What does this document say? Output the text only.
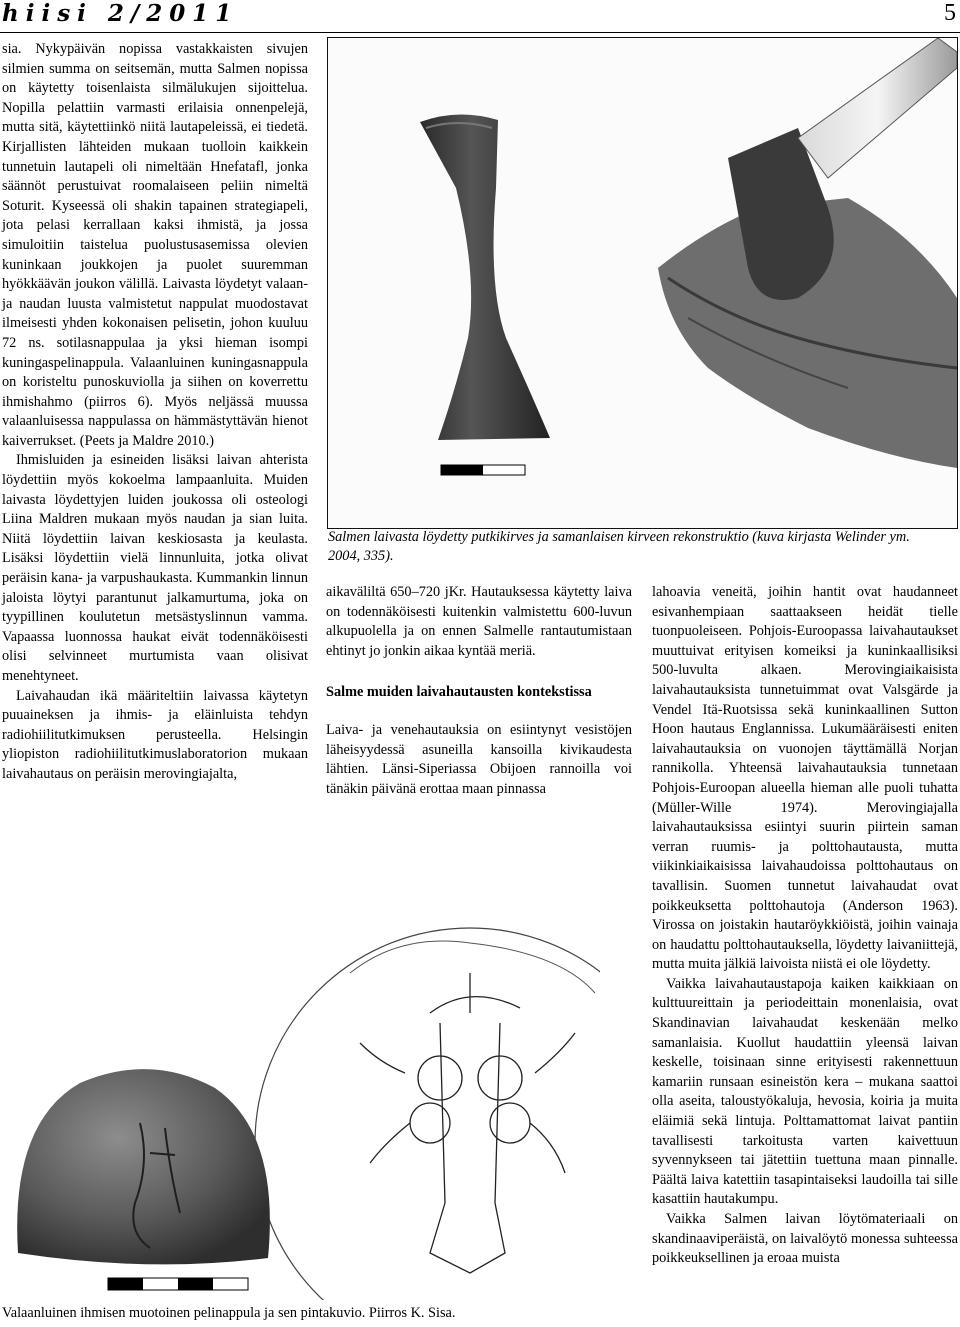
hiisi 2/2011	5

sia. Nykypäivän nopissa vastakkaisten sivujen silmien summa on seitsemän, mutta Salmen nopissa on käytetty toisenlaista silmälukujen sijoittelua. Nopilla pelattiin varmasti erilaisia onnenpelejä, mutta sitä, käytettiinkö niitä lautapeleissä, ei tiedetä. Kirjallisten lähteiden mukaan tuolloin kaikkein tunnetuin lautapeli oli nimeltään Hnefatafl, jonka säännöt perustuivat roomalaiseen peliin nimeltä Soturit. Kyseessä oli shakin tapainen strategiapeli, jota pelasi kerrallaan kaksi ihmistä, ja jossa simuloitiin taistelua puolustusasemissa olevien kuninkaan joukkojen ja puolet suuremman hyökkäävän joukon välillä. Laivasta löydetyt valaan- ja naudan luusta valmistetut nappulat muodostavat ilmeisesti yhden kokonaisen pelisetin, johon kuuluu 72 ns. sotilasnappulaa ja yksi hieman isompi kuningaspelinappula. Valaanluinen kuningasnappula on koristeltu punoskuviolla ja siihen on koverrettu ihmishahmo (piirros 6). Myös neljässä muussa valaanluisessa nappulassa on hämmästyttävän hienot kaiverrukset. (Peets ja Maldre 2010.)

Ihmisluiden ja esineiden lisäksi laivan ahterista löydettiin myös kokoelma lampaanluita. Muiden laivasta löydettyjen luiden joukossa oli osteologi Liina Maldren mukaan myös naudan ja sian luita. Niitä löydettiin laivan keskiosasta ja keulasta. Lisäksi löydettiin vielä linnunluita, jotka olivat peräisin kana- ja varpushaukasta. Kummankin linnun jaloista löytyi parantunut jalkamurtuma, joka on tyypillinen koulutetun metsästyslinnun vamma. Vapaassa luonnossa haukat eivät todennäköisesti olisi selvinneet murtumista vaan olisivat menehtyneet.

Laivahaudan ikä määriteltiin laivassa käytetyn puuaineksen ja ihmis- ja eläinluista tehdyn radiohiilitutkimuksen perusteella. Helsingin yliopiston radiohiilitutkimuslaboratorion mukaan laivahautaus on peräisin merovingiajalta,

Salmen laivasta löydetty putkikirves ja samanlaisen kirveen rekonstruktio (kuva kirjasta Welinder ym. 2004, 335).

aikaväliltä 650–720 jKr. Hautauksessa käytetty laiva on todennäköisesti kuitenkin valmistettu 600-luvun alkupuolella ja on ennen Salmelle rantautumistaan ehtinyt jo jonkin aikaa kyntää meriä.

Salme muiden laivahautausten kontekstissa

Laiva- ja venehautauksia on esiintynyt vesistöjen läheisyydessä asuneilla kansoilla kivikaudesta lähtien. Länsi-Siperiassa Obijoen rannoilla voi tänäkin päivänä erottaa maan pinnassa

lahoavia veneitä, joihin hantit ovat haudanneet esivanhempiaan saattaakseen heidät tielle tuonpuoleiseen. Pohjois-Euroopassa laivahautaukset muuttuivat erityisen komeiksi ja kuninkaallisiksi 500-luvulta alkaen. Merovingiaikaisista laivahautauksista tunnetuimmat ovat Valsgärde ja Vendel Itä-Ruotsissa sekä kuninkaallinen Sutton Hoon hautaus Englannissa. Lukumääräisesti eniten laivahautauksia on vuonojen täyttämällä Norjan rannikolla. Yhteensä laivahautauksia tunnetaan Pohjois-Euroopan alueella hieman alle puoli tuhatta (Müller-Wille 1974). Merovingiajalla laivahautauksissa esiintyi suurin piirtein saman verran ruumis- ja polttohautausta, mutta viikinkiaikaisissa laivahaudoissa polttohautaus on tavallisin. Suomen tunnetut laivahaudat ovat poikkeuksetta polttohautoja (Anderson 1963). Virossa on joistakin hautaröykkiöistä, joihin vainaja on haudattu polttohautauksella, löydetty laivaniittejä, mutta muita jälkiä laivoista niistä ei ole löydetty.

Vaikka laivahautaustapoja kaiken kaikkiaan on kulttuureittain ja periodeittain monenlaisia, ovat Skandinavian laivahaudat keskenään melko samanlaisia. Kuollut haudattiin yleensä laivan keskelle, toisinaan sinne erityisesti rakennettuun kamariin runsaan esineistön kera – mukana saattoi olla aseita, taloustyökaluja, hevosia, koiria ja muita eläimiä sekä lintuja. Polttamattomat laivat pantiin tavallisesti tarkoitusta varten kaivettuun syvennykseen tai jätettiin tuettuna maan pinnalle. Päältä laiva katettiin tasapintaiseksi laudoilla tai sille kasattiin hautakumpu.

Vaikka Salmen laivan löytömateriaali on skandinaaviperäistä, on laivalöytö monessa suhteessa poikkeuksellinen ja eroaa muista

Valaanluinen ihmisen muotoinen pelinappula ja sen pintakuvio. Piirros K. Sisa.
